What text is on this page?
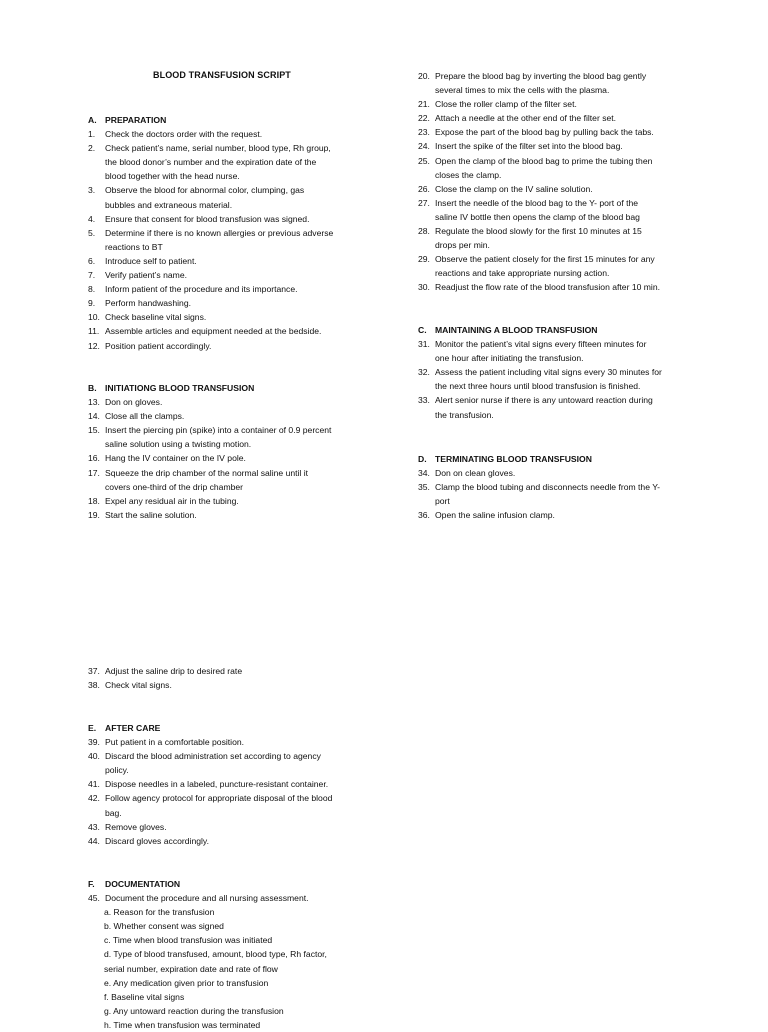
BLOOD TRANSFUSION SCRIPT
A. PREPARATION
1.	Check the doctors order with the request.
2.	Check patient’s name, serial number, blood type, Rh group,
the blood donor’s number and the expiration date of the
blood together with the head nurse.
3.	Observe the blood for abnormal color, clumping, gas
bubbles and extraneous material.
4.	Ensure that consent for blood transfusion was signed.
5.	Determine if there is no known allergies or previous adverse
reactions to BT
6.	Introduce self to patient.
7.	Verify patient’s name.
8.	Inform patient of the procedure and its importance.
9.	Perform handwashing.
10. Check baseline vital signs.
11. Assemble articles and equipment needed at the bedside.
12. Position patient accordingly.
B. INITIATIONG BLOOD TRANSFUSION
13. Don on gloves.
14. Close all the clamps.
15. Insert the piercing pin (spike) into a container of 0.9 percent
saline solution using a twisting motion.
16. Hang the IV container on the IV pole.
17. Squeeze the drip chamber of the normal saline until it
covers one-third of the drip chamber
18. Expel any residual air in the tubing.
19. Start the saline solution.
20. Prepare the blood bag by inverting the blood bag gently
several times to mix the cells with the plasma.
21. Close the roller clamp of the filter set.
22. Attach a needle at the other end of the filter set.
23. Expose the part of the blood bag by pulling back the tabs.
24. Insert the spike of the filter set into the blood bag.
25. Open the clamp of the blood bag to prime the tubing then
closes the clamp.
26. Close the clamp on the IV saline solution.
27. Insert the needle of the blood bag to the Y- port of the
saline IV bottle then opens the clamp of the blood bag
28. Regulate the blood slowly for the first 10 minutes at 15
drops per min.
29. Observe the patient closely for the first 15 minutes for any
reactions and take appropriate nursing action.
30. Readjust the flow rate of the blood transfusion after 10 min.
C. MAINTAINING A BLOOD TRANSFUSION
31. Monitor the patient’s vital signs every fifteen minutes for
one hour after initiating the transfusion.
32. Assess the patient including vital signs every 30 minutes for
the next three hours until blood transfusion is finished.
33. Alert senior nurse if there is any untoward reaction during
the transfusion.
D. TERMINATING BLOOD TRANSFUSION
34. Don on clean gloves.
35. Clamp the blood tubing and disconnects needle from the Y-
port
36. Open the saline infusion clamp.
37. Adjust the saline drip to desired rate
38. Check vital signs.
E. AFTER CARE
39. Put patient in a comfortable position.
40. Discard the blood administration set according to agency
policy.
41. Dispose needles in a labeled, puncture-resistant container.
42. Follow agency protocol for appropriate disposal of the blood
bag.
43. Remove gloves.
44. Discard gloves accordingly.
F. DOCUMENTATION
45. Document the procedure and all nursing assessment.
a. Reason for the transfusion
b. Whether consent was signed
c. Time when blood transfusion was initiated
d. Type of blood transfused, amount, blood type, Rh factor,
serial number, expiration date and rate of flow
e. Any medication given prior to transfusion
f. Baseline vital signs
g. Any untoward reaction during the transfusion
h. Time when transfusion was terminated
